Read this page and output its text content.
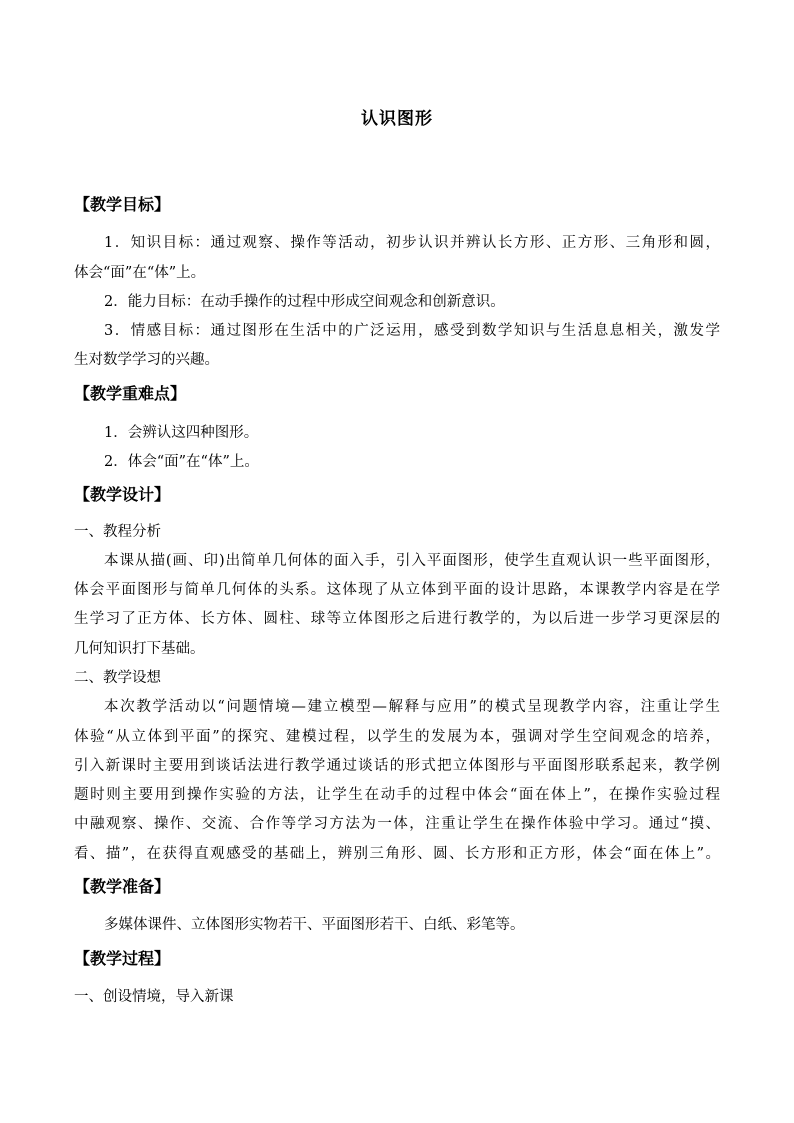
认识图形
【教学目标】
1．知识目标：通过观察、操作等活动，初步认识并辨认长方形、正方形、三角形和圆，
体会“面”在“体”上。
2．能力目标：在动手操作的过程中形成空间观念和创新意识。
3．情感目标：通过图形在生活中的广泛运用，感受到数学知识与生活息息相关，激发学
生对数学学习的兴趣。
【教学重难点】
1．会辨认这四种图形。
2．体会“面”在“体”上。
【教学设计】
一、教程分析
本课从描(画、印)出简单几何体的面入手，引入平面图形，使学生直观认识一些平面图形，
体会平面图形与简单几何体的头系。这体现了从立体到平面的设计思路，本课教学内容是在学
生学习了正方体、长方体、圆柱、球等立体图形之后进行教学的，为以后进一步学习更深层的
几何知识打下基础。
二、教学设想
本次教学活动以“问题情境—建立模型—解释与应用”的模式呈现教学内容，注重让学生
体验“从立体到平面”的探究、建模过程，以学生的发展为本，强调对学生空间观念的培养，
引入新课时主要用到谈话法进行教学通过谈话的形式把立体图形与平面图形联系起来，教学例
题时则主要用到操作实验的方法，让学生在动手的过程中体会“面在体上”，在操作实验过程
中融观察、操作、交流、合作等学习方法为一体，注重让学生在操作体验中学习。通过“摸、
看、描”，在获得直观感受的基础上，辨别三角形、圆、长方形和正方形，体会“面在体上”。
【教学准备】
多媒体课件、立体图形实物若干、平面图形若干、白纸、彩笔等。
【教学过程】
一、创设情境，导入新课
